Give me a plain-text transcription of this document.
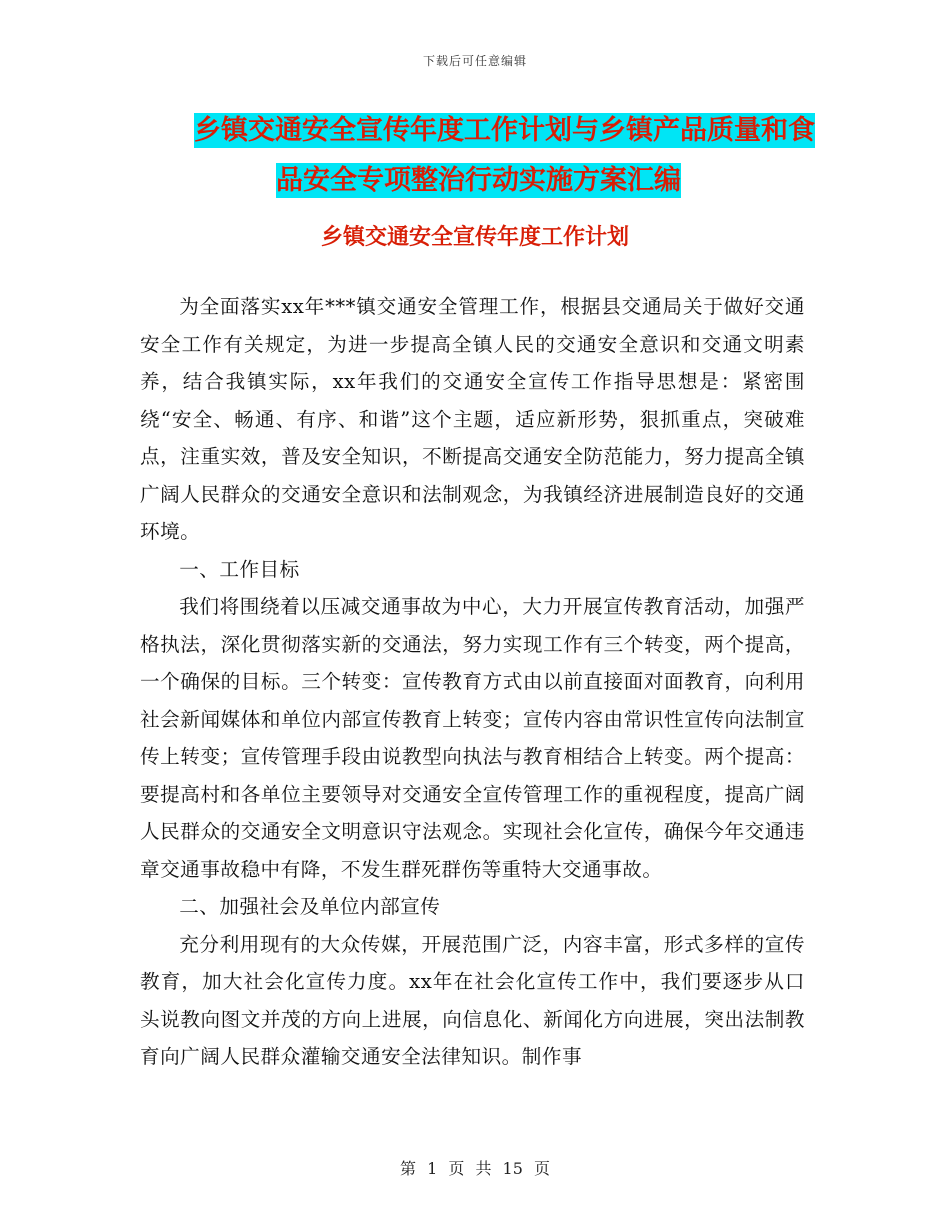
下载后可任意编辑
乡镇交通安全宣传年度工作计划与乡镇产品质量和食
品安全专项整治行动实施方案汇编
乡镇交通安全宣传年度工作计划

为全面落实xx年***镇交通安全管理工作，根据县交通局关于做好交通安全工作有关规定，为进一步提高全镇人民的交通安全意识和交通文明素养，结合我镇实际，xx年我们的交通安全宣传工作指导思想是：紧密围绕“安全、畅通、有序、和谐”这个主题，适应新形势，狠抓重点，突破难点，注重实效，普及安全知识，不断提高交通安全防范能力，努力提高全镇广阔人民群众的交通安全意识和法制观念，为我镇经济进展制造良好的交通环境。

一、工作目标

我们将围绕着以压减交通事故为中心，大力开展宣传教育活动，加强严格执法，深化贯彻落实新的交通法，努力实现工作有三个转变，两个提高，一个确保的目标。三个转变：宣传教育方式由以前直接面对面教育，向利用社会新闻媒体和单位内部宣传教育上转变；宣传内容由常识性宣传向法制宣传上转变；宣传管理手段由说教型向执法与教育相结合上转变。两个提高：要提高村和各单位主要领导对交通安全宣传管理工作的重视程度，提高广阔人民群众的交通安全文明意识守法观念。实现社会化宣传，确保今年交通违章交通事故稳中有降，不发生群死群伤等重特大交通事故。

二、加强社会及单位内部宣传

充分利用现有的大众传媒，开展范围广泛，内容丰富，形式多样的宣传教育，加大社会化宣传力度。xx年在社会化宣传工作中，我们要逐步从口头说教向图文并茂的方向上进展，向信息化、新闻化方向进展，突出法制教育向广阔人民群众灌输交通安全法律知识。制作事

第 1 页 共 15 页
